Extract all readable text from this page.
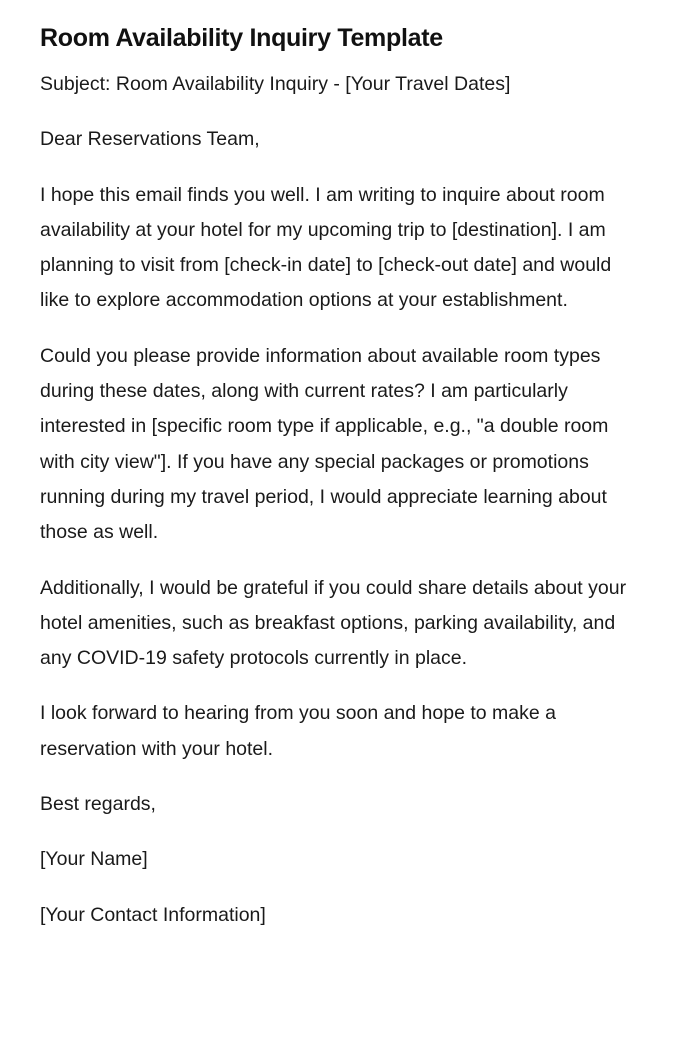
Room Availability Inquiry Template

Subject: Room Availability Inquiry - [Your Travel Dates]

Dear Reservations Team,

I hope this email finds you well. I am writing to inquire about room availability at your hotel for my upcoming trip to [destination]. I am planning to visit from [check-in date] to [check-out date] and would like to explore accommodation options at your establishment.

Could you please provide information about available room types during these dates, along with current rates? I am particularly interested in [specific room type if applicable, e.g., "a double room with city view"]. If you have any special packages or promotions running during my travel period, I would appreciate learning about those as well.

Additionally, I would be grateful if you could share details about your hotel amenities, such as breakfast options, parking availability, and any COVID-19 safety protocols currently in place.

I look forward to hearing from you soon and hope to make a reservation with your hotel.

Best regards,

[Your Name]

[Your Contact Information]
